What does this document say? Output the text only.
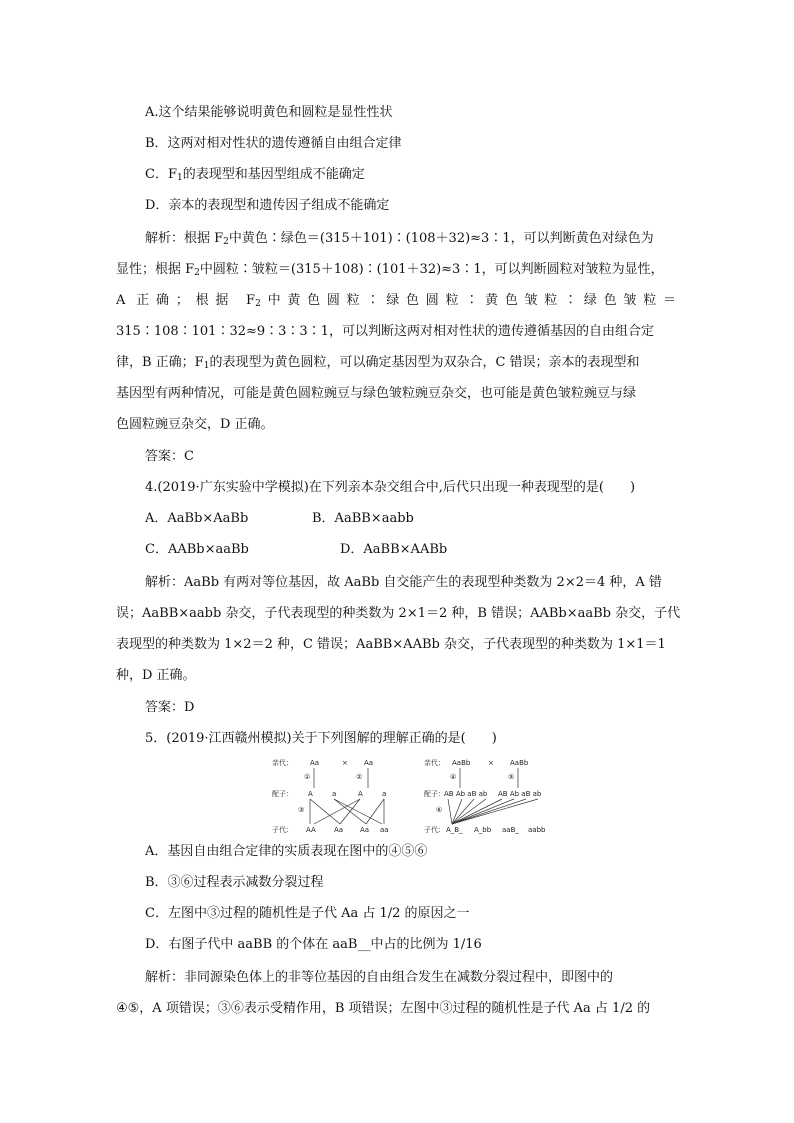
A.这个结果能够说明黄色和圆粒是显性性状
B．这两对相对性状的遗传遵循自由组合定律
C．$F_1$的表现型和基因型组成不能确定
D．亲本的表现型和遗传因子组成不能确定
解析：根据 $F_2$中黄色∶绿色＝(315＋101)∶(108＋32)≈3∶1，可以判断黄色对绿色为
显性；根据 $F_2$中圆粒∶皱粒＝(315＋108)∶(101＋32)≈3∶1，可以判断圆粒对皱粒为显性，
A 正确；根据 $F_2$中黄色圆粒∶绿色圆粒∶黄色皱粒∶绿色皱粒＝
315∶108∶101∶32≈9∶3∶3∶1，可以判断这两对相对性状的遗传遵循基因的自由组合定
律，B 正确；$F_1$的表现型为黄色圆粒，可以确定基因型为双杂合，C 错误；亲本的表现型和
基因型有两种情况，可能是黄色圆粒豌豆与绿色皱粒豌豆杂交，也可能是黄色皱粒豌豆与绿
色圆粒豌豆杂交，D 正确。
答案：C
4.(2019·广东实验中学模拟)在下列亲本杂交组合中,后代只出现一种表现型的是(　　)
A．AaBb×AaBb	B．AaBB×aabb
C．AABb×aaBb	D．AaBB×AABb
解析：AaBb 有两对等位基因，故 AaBb 自交能产生的表现型种类数为 2×2＝4 种，A 错
误；AaBB×aabb 杂交，子代表现型的种类数为 2×1＝2 种，B 错误；AABb×aaBb 杂交，子代
表现型的种类数为 1×2＝2 种，C 错误；AaBB×AABb 杂交，子代表现型的种类数为 1×1＝1
种，D 正确。
答案：D
5．(2019·江西赣州模拟)关于下列图解的理解正确的是(　　)
亲代： Aa	× Aa
①	②
配子： A	a	A	a
③
子代： AA	Aa Aa aa
亲代： AaBb	× AaBb
④	⑤
配子： AB Ab aB ab AB Ab aB ab
⑥
子代： A_B_ A_bb aaB_ aabb
A．基因自由组合定律的实质表现在图中的④⑤⑥
B．③⑥过程表示减数分裂过程
C．左图中③过程的随机性是子代 Aa 占 1/2 的原因之一
D．右图子代中 aaBB 的个体在 aaB__中占的比例为 1/16
解析：非同源染色体上的非等位基因的自由组合发生在减数分裂过程中，即图中的
④⑤，A 项错误；③⑥表示受精作用，B 项错误；左图中③过程的随机性是子代 Aa 占 1/2 的
